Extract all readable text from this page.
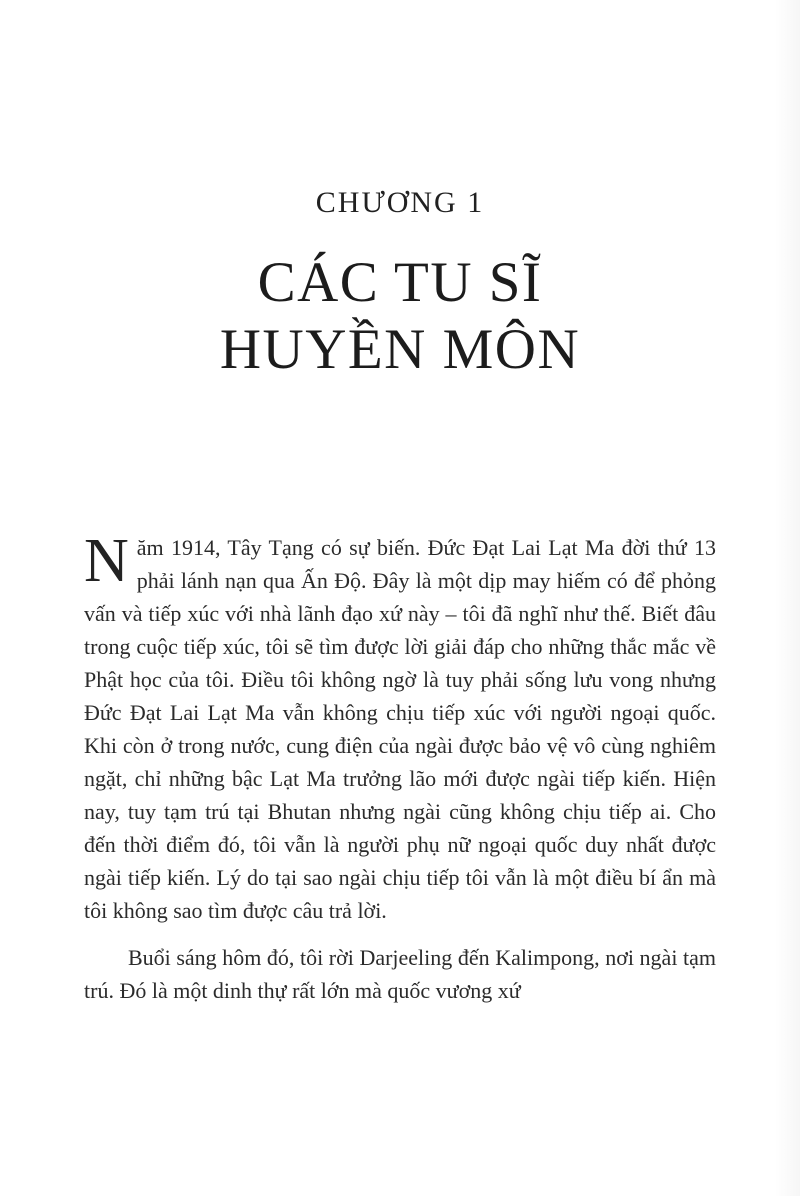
CHƯƠNG 1
CÁC TU SĨ
HUYỀN MÔN

Năm 1914, Tây Tạng có sự biến. Đức Đạt Lai Lạt Ma đời thứ 13 phải lánh nạn qua Ấn Độ. Đây là một dịp may hiếm có để phỏng vấn và tiếp xúc với nhà lãnh đạo xứ này – tôi đã nghĩ như thế. Biết đâu trong cuộc tiếp xúc, tôi sẽ tìm được lời giải đáp cho những thắc mắc về Phật học của tôi. Điều tôi không ngờ là tuy phải sống lưu vong nhưng Đức Đạt Lai Lạt Ma vẫn không chịu tiếp xúc với người ngoại quốc. Khi còn ở trong nước, cung điện của ngài được bảo vệ vô cùng nghiêm ngặt, chỉ những bậc Lạt Ma trưởng lão mới được ngài tiếp kiến. Hiện nay, tuy tạm trú tại Bhutan nhưng ngài cũng không chịu tiếp ai. Cho đến thời điểm đó, tôi vẫn là người phụ nữ ngoại quốc duy nhất được ngài tiếp kiến. Lý do tại sao ngài chịu tiếp tôi vẫn là một điều bí ẩn mà tôi không sao tìm được câu trả lời.

Buổi sáng hôm đó, tôi rời Darjeeling đến Kalimpong, nơi ngài tạm trú. Đó là một dinh thự rất lớn mà quốc vương xứ
